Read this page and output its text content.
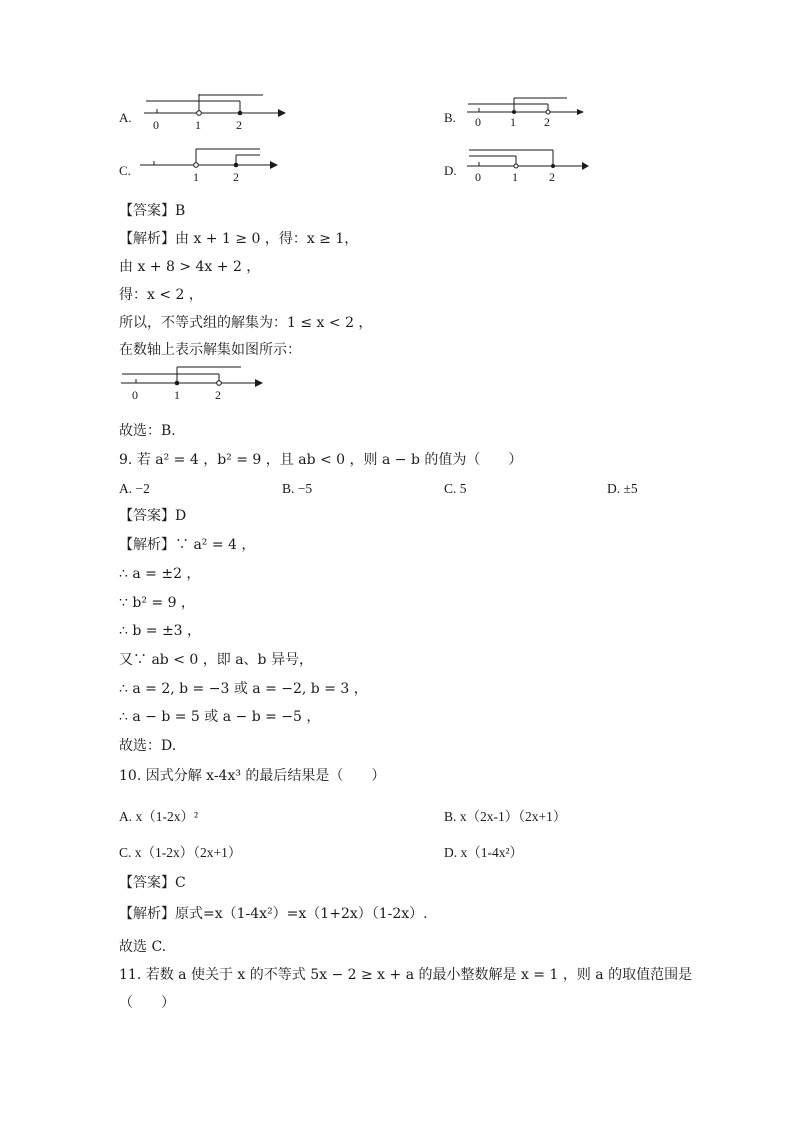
A. 0	1	2	B. 0 1 2
C.	1	2	D. 0	1	2
【答案】B
【解析】由 x + 1 ≥ 0 ，得：x ≥ 1，
由 x + 8 > 4x + 2 ，
得：x < 2 ，
所以，不等式组的解集为：1 ≤ x < 2 ，
在数轴上表示解集如图所示：
0	1	2
故选：B.
9. 若 a² = 4 ，b² = 9 ，且 ab < 0 ，则 a − b 的值为（　　）
A. −2	B. −5	C. 5	D. ±5
【答案】D
【解析】∵ a² = 4 ，
∴ a = ±2 ，
∵ b² = 9 ，
∴ b = ±3 ，
又∵ ab < 0 ，即 a、b 异号，
∴ a = 2, b = −3 或 a = −2, b = 3 ，
∴ a − b = 5 或 a − b = −5 ，
故选：D.
10. 因式分解 x-4x³ 的最后结果是（　　）
A. x（1-2x）²	B. x（2x-1）（2x+1）
C. x（1-2x）（2x+1）	D. x（1-4x²）
【答案】C
【解析】原式=x（1-4x²）=x（1+2x）（1-2x）.
故选 C.
11. 若数 a 使关于 x 的不等式 5x − 2 ≥ x + a 的最小整数解是 x = 1 ，则 a 的取值范围是
（　　）
